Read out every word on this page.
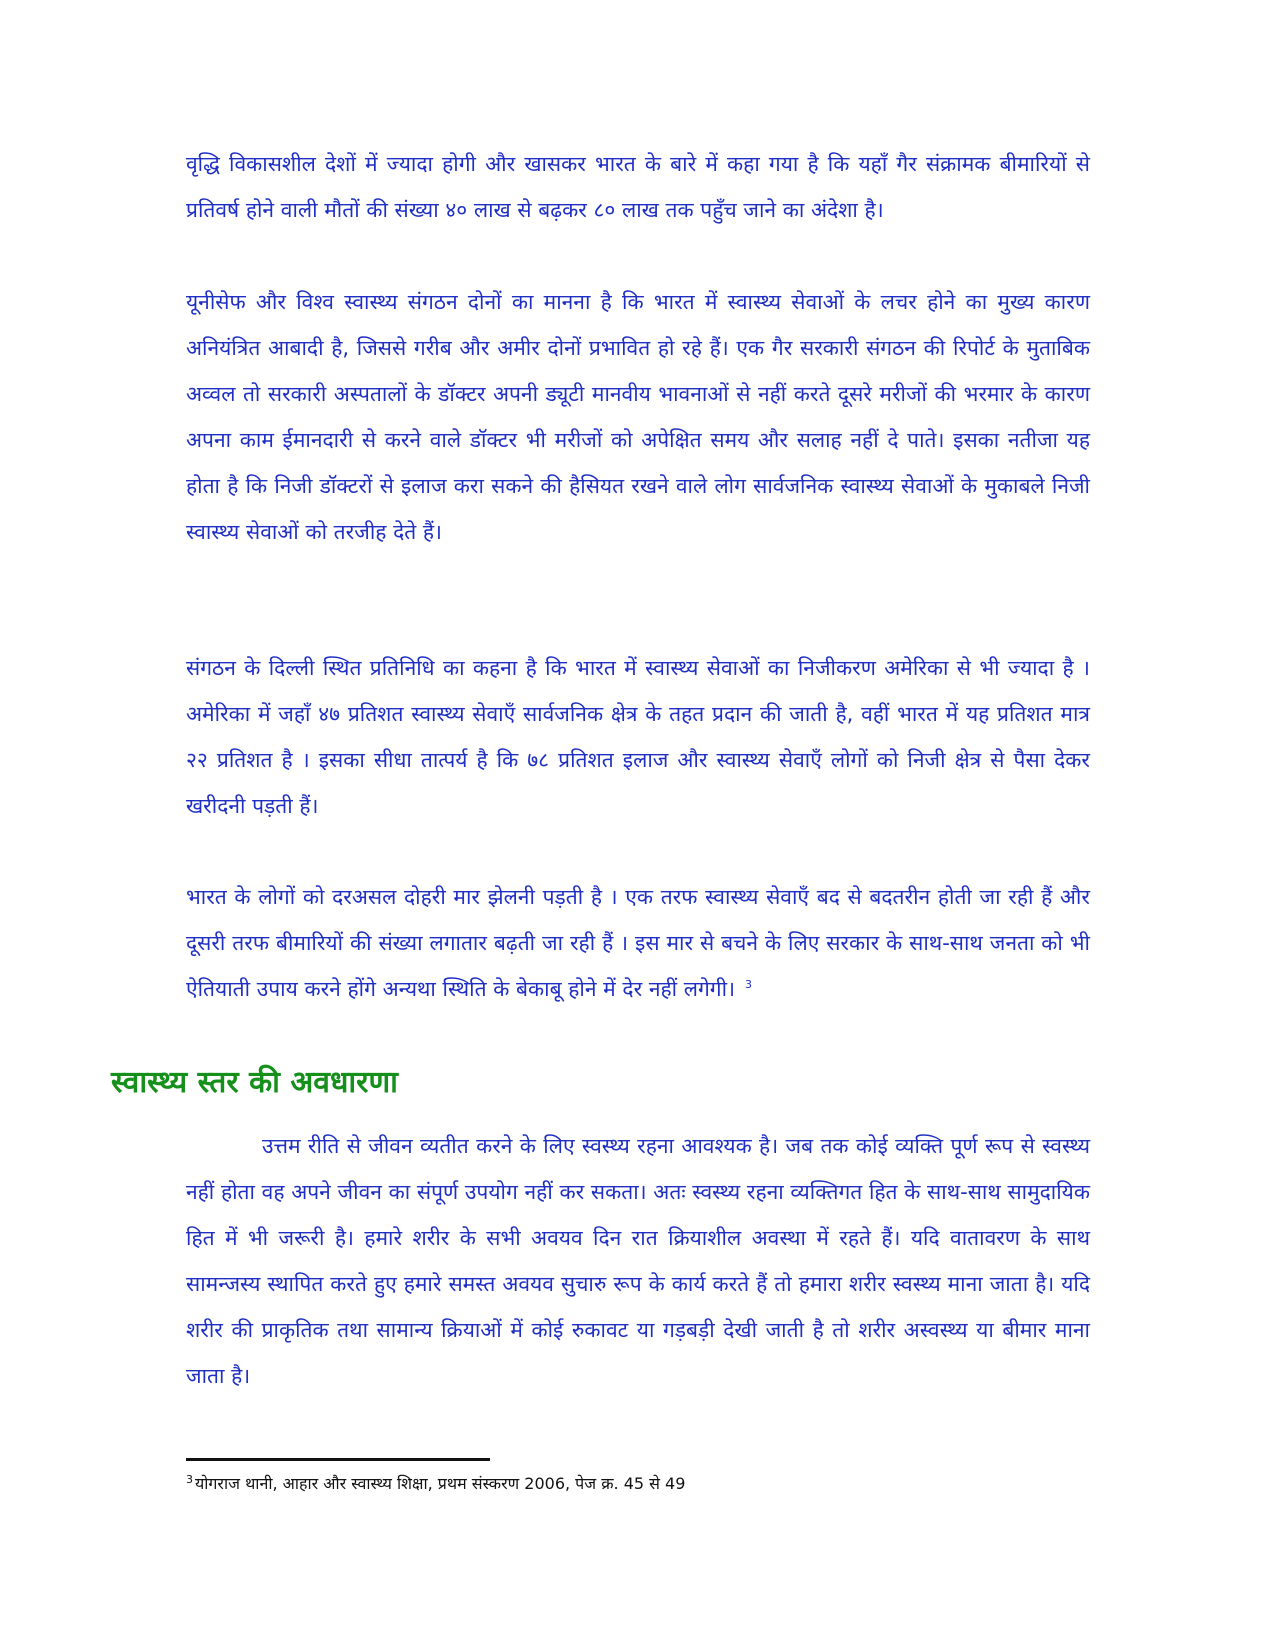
वृद्धि विकासशील देशों में ज्यादा होगी और खासकर भारत के बारे में कहा गया है कि यहाँ गैर संक्रामक बीमारियों से प्रतिवर्ष होने वाली मौतों की संख्या ४० लाख से बढ़कर ८० लाख तक पहुँच जाने का अंदेशा है।

यूनीसेफ और विश्व स्वास्थ्य संगठन दोनों का मानना है कि भारत में स्वास्थ्य सेवाओं के लचर होने का मुख्य कारण अनियंत्रित आबादी है, जिससे गरीब और अमीर दोनों प्रभावित हो रहे हैं। एक गैर सरकारी संगठन की रिपोर्ट के मुताबिक अव्वल तो सरकारी अस्पतालों के डॉक्टर अपनी ड्यूटी मानवीय भावनाओं से नहीं करते दूसरे मरीजों की भरमार के कारण अपना काम ईमानदारी से करने वाले डॉक्टर भी मरीजों को अपेक्षित समय और सलाह नहीं दे पाते। इसका नतीजा यह होता है कि निजी डॉक्टरों से इलाज करा सकने की हैसियत रखने वाले लोग सार्वजनिक स्वास्थ्य सेवाओं के मुकाबले निजी स्वास्थ्य सेवाओं को तरजीह देते हैं।

संगठन के दिल्ली स्थित प्रतिनिधि का कहना है कि भारत में स्वास्थ्य सेवाओं का निजीकरण अमेरिका से भी ज्यादा है । अमेरिका में जहाँ ४७ प्रतिशत स्वास्थ्य सेवाएँ सार्वजनिक क्षेत्र के तहत प्रदान की जाती है, वहीं भारत में यह प्रतिशत मात्र २२ प्रतिशत है । इसका सीधा तात्पर्य है कि ७८ प्रतिशत इलाज और स्वास्थ्य सेवाएँ लोगों को निजी क्षेत्र से पैसा देकर खरीदनी पड़ती हैं।

भारत के लोगों को दरअसल दोहरी मार झेलनी पड़ती है । एक तरफ स्वास्थ्य सेवाएँ बद से बदतरीन होती जा रही हैं और दूसरी तरफ बीमारियों की संख्या लगातार बढ़ती जा रही हैं । इस मार से बचने के लिए सरकार के साथ-साथ जनता को भी ऐतियाती उपाय करने होंगे अन्यथा स्थिति के बेकाबू होने में देर नहीं लगेगी। $^3$

स्वास्थ्य स्तर की अवधारणा

उत्तम रीति से जीवन व्यतीत करने के लिए स्वस्थ्य रहना आवश्यक है। जब तक कोई व्यक्ति पूर्ण रूप से स्वस्थ्य नहीं होता वह अपने जीवन का संपूर्ण उपयोग नहीं कर सकता। अतः स्वस्थ्य रहना व्यक्तिगत हित के साथ-साथ सामुदायिक हित में भी जरूरी है। हमारे शरीर के सभी अवयव दिन रात क्रियाशील अवस्था में रहते हैं। यदि वातावरण के साथ सामन्जस्य स्थापित करते हुए हमारे समस्त अवयव सुचारु रूप के कार्य करते हैं तो हमारा शरीर स्वस्थ्य माना जाता है। यदि शरीर की प्राकृतिक तथा सामान्य क्रियाओं में कोई रुकावट या गड़बड़ी देखी जाती है तो शरीर अस्वस्थ्य या बीमार माना जाता है।

$^3$ योगराज थानी, आहार और स्वास्थ्य शिक्षा, प्रथम संस्करण 2006, पेज क्र. 45 से 49
